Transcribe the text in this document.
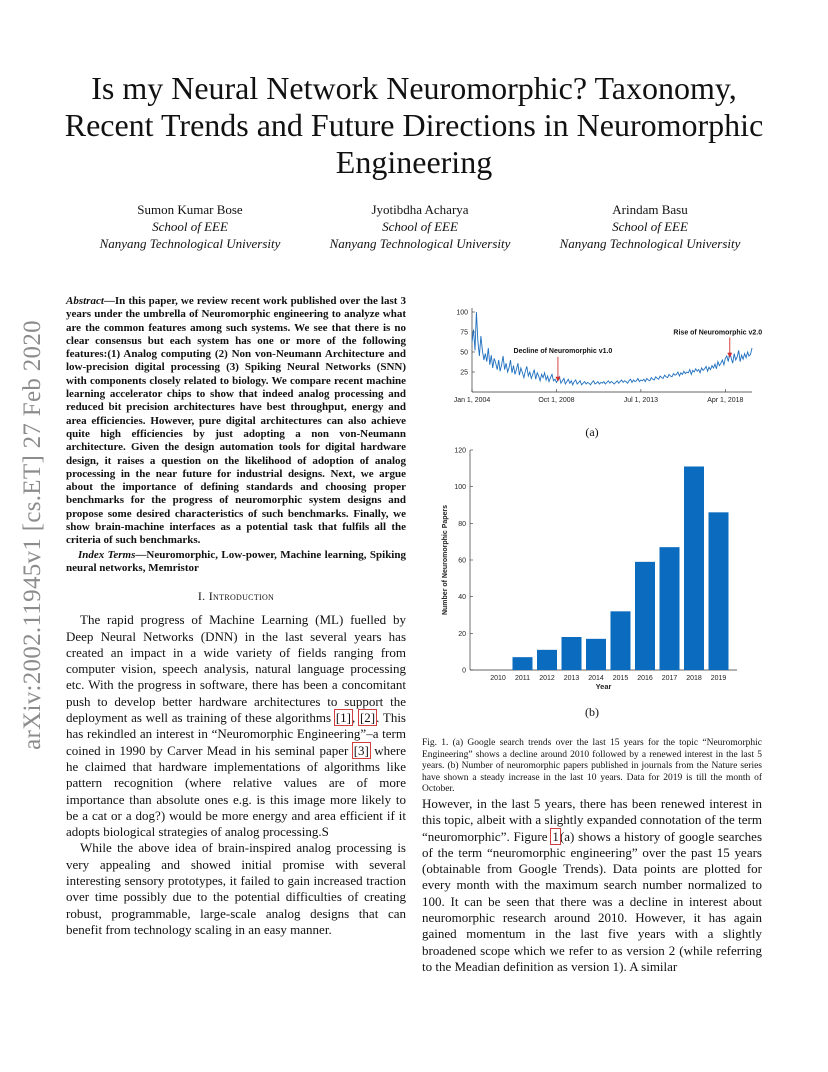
arXiv:2002.11945v1 [cs.ET] 27 Feb 2020
Is my Neural Network Neuromorphic? Taxonomy, Recent Trends and Future Directions in Neuromorphic Engineering
Sumon Kumar Bose
School of EEE
Nanyang Technological University
Jyotibdha Acharya
School of EEE
Nanyang Technological University
Arindam Basu
School of EEE
Nanyang Technological University
Abstract—In this paper, we review recent work published over the last 3 years under the umbrella of Neuromorphic engineering to analyze what are the common features among such systems. We see that there is no clear consensus but each system has one or more of the following features:(1) Analog computing (2) Non von-Neumann Architecture and low-precision digital processing (3) Spiking Neural Networks (SNN) with components closely related to biology. We compare recent machine learning accelerator chips to show that indeed analog processing and reduced bit precision architectures have best throughput, energy and area efficiencies. However, pure digital architectures can also achieve quite high efficiencies by just adopting a non von-Neumann architecture. Given the design automation tools for digital hardware design, it raises a question on the likelihood of adoption of analog processing in the near future for industrial designs. Next, we argue about the importance of defining standards and choosing proper benchmarks for the progress of neuromorphic system designs and propose some desired characteristics of such benchmarks. Finally, we show brain-machine interfaces as a potential task that fulfils all the criteria of such benchmarks.
Index Terms—Neuromorphic, Low-power, Machine learning, Spiking neural networks, Memristor
I. Introduction

The rapid progress of Machine Learning (ML) fuelled by Deep Neural Networks (DNN) in the last several years has created an impact in a wide variety of fields ranging from computer vision, speech analysis, natural language processing etc. With the progress in software, there has been a concomitant push to develop better hardware architectures to support the deployment as well as training of these algorithms [1], [2]. This has rekindled an interest in “Neuromorphic Engineering”–a term coined in 1990 by Carver Mead in his seminal paper [3] where he claimed that hardware implementations of algorithms like pattern recognition (where relative values are of more importance than absolute ones e.g. is this image more likely to be a cat or a dog?) would be more energy and area efficient if it adopts biological strategies of analog processing.S

While the above idea of brain-inspired analog processing is very appealing and showed initial promise with several interesting sensory prototypes, it failed to gain increased traction over time possibly due to the potential difficulties of creating robust, programmable, large-scale analog designs that can benefit from technology scaling in an easy manner.

25
50
75
100
Jan 1, 2004	Oct 1, 2008	Jul 1, 2013	Apr 1, 2018
Decline of Neuromorphic v1.0
Rise of Neuromorphic v2.0
(a)
0
20
40
60
80
100
120
2010 2011 2012 2013 2014 2015 2016 2017 2018 2019
Year
Number of Neuromorphic Papers
(b)
Fig. 1. (a) Google search trends over the last 15 years for the topic “Neuromorphic Engineering” shows a decline around 2010 followed by a renewed interest in the last 5 years. (b) Number of neuromorphic papers published in journals from the Nature series have shown a steady increase in the last 10 years. Data for 2019 is till the month of October.
However, in the last 5 years, there has been renewed interest in this topic, albeit with a slightly expanded connotation of the term “neuromorphic”. Figure 1(a) shows a history of google searches of the term “neuromorphic engineering” over the past 15 years (obtainable from Google Trends). Data points are plotted for every month with the maximum search number normalized to 100. It can be seen that there was a decline in interest about neuromorphic research around 2010. However, it has again gained momentum in the last five years with a slightly broadened scope which we refer to as version 2 (while referring to the Meadian definition as version 1). A similar
